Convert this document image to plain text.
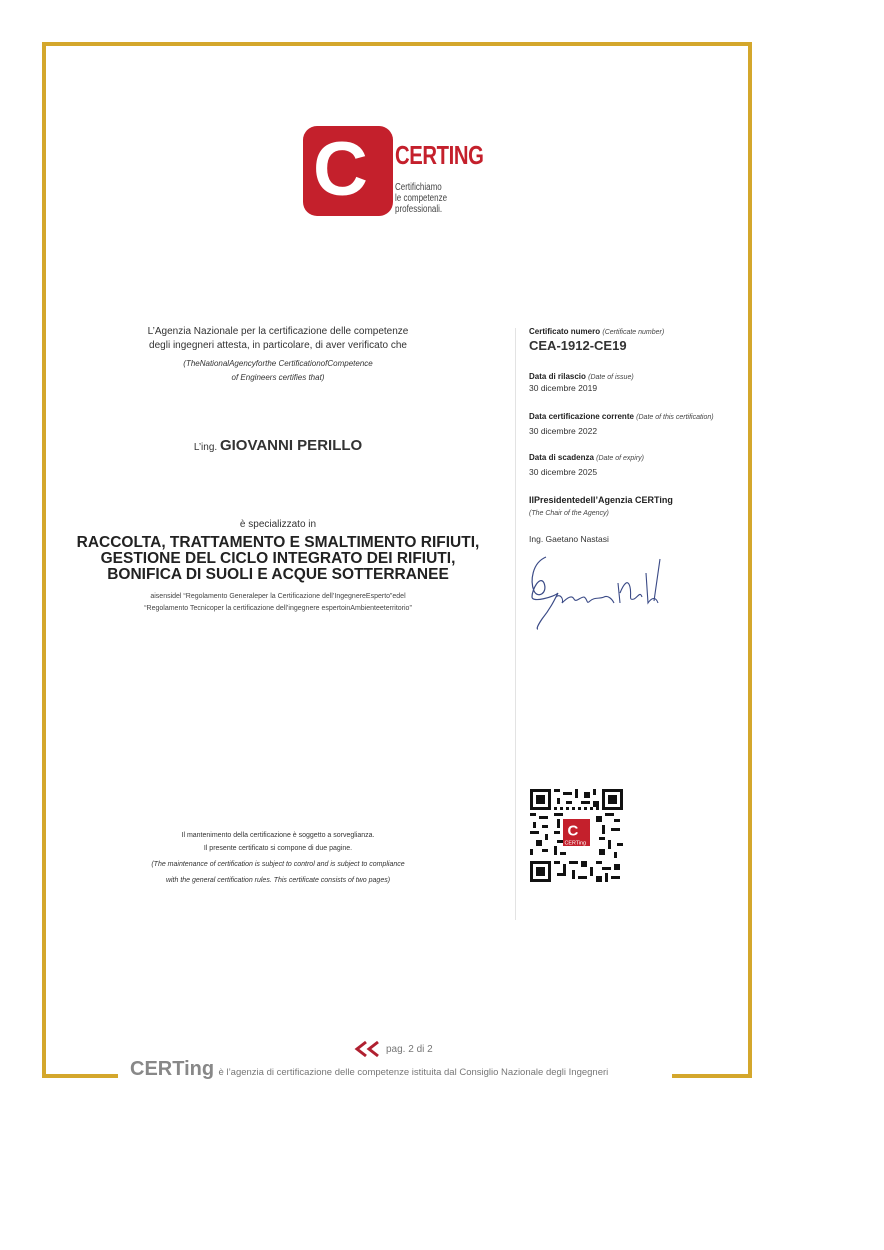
C CERTING
Certifichiamo
le competenze professionali.
L’Agenzia Nazionale per la certificazione delle competenze
degli ingegneri attesta, in particolare, di aver verificato che
(TheNationalAgencyforthe CertificationofCompetence
of Engineers certifies that)
L’ing. GIOVANNI PERILLO
è specializzato in
RACCOLTA, TRATTAMENTO E SMALTIMENTO RIFIUTI,
GESTIONE DEL CICLO INTEGRATO DEI RIFIUTI,
BONIFICA DI SUOLI E ACQUE SOTTERRANEE
aisensidel “Regolamento Generaleper la Certificazione dell’IngegnereEsperto”edel
“Regolamento Tecnicoper la certificazione dell’ingegnere espertoinAmbienteeterritorio”
Il mantenimento della certificazione è soggetto a sorveglianza.
Il presente certificato si compone di due pagine.
(The maintenance of certification is subject to control and is subject to compliance
with the general certification rules. This certificate consists of two pages)
Certificato numero (Certificate number)
CEA-1912-CE19
Data di rilascio (Date of issue)
30 dicembre 2019
Data certificazione corrente (Date of this certification)
30 dicembre 2022
Data di scadenza (Date of expiry)
30 dicembre 2025
IlPresidentedell’Agenzia CERTing
(The Chair of the Agency)
Ing. Gaetano Nastasi
C
CERTing
pag. 2 di 2
CERTing è l’agenzia di certificazione delle competenze istituita dal Consiglio Nazionale degli Ingegneri
